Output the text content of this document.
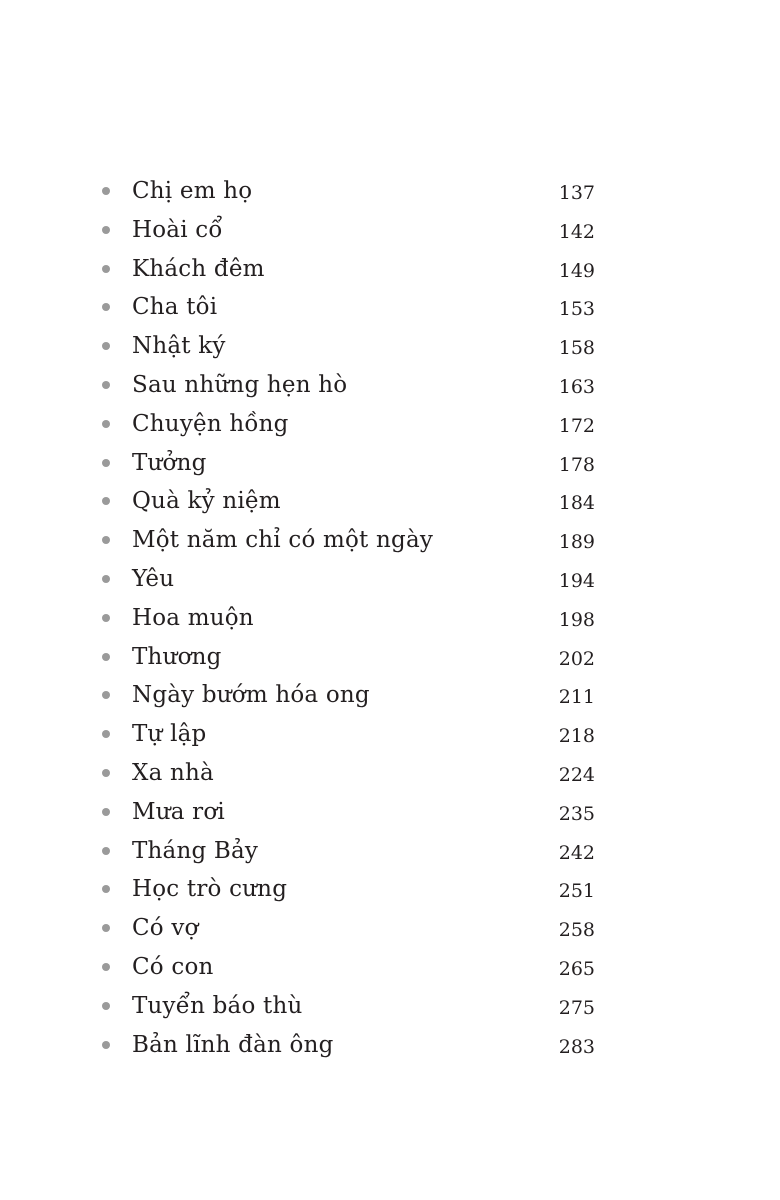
Chị em họ	137
Hoài cổ	142
Khách đêm	149
Cha tôi	153
Nhật ký	158
Sau những hẹn hò	163
Chuyện hồng	172
Tưởng	178
Quà kỷ niệm	184
Một năm chỉ có một ngày	189
Yêu	194
Hoa muộn	198
Thương	202
Ngày bướm hóa ong	211
Tự lập	218
Xa nhà	224
Mưa rơi	235
Tháng Bảy	242
Học trò cưng	251
Có vợ	258
Có con	265
Tuyển báo thù	275
Bản lĩnh đàn ông	283
